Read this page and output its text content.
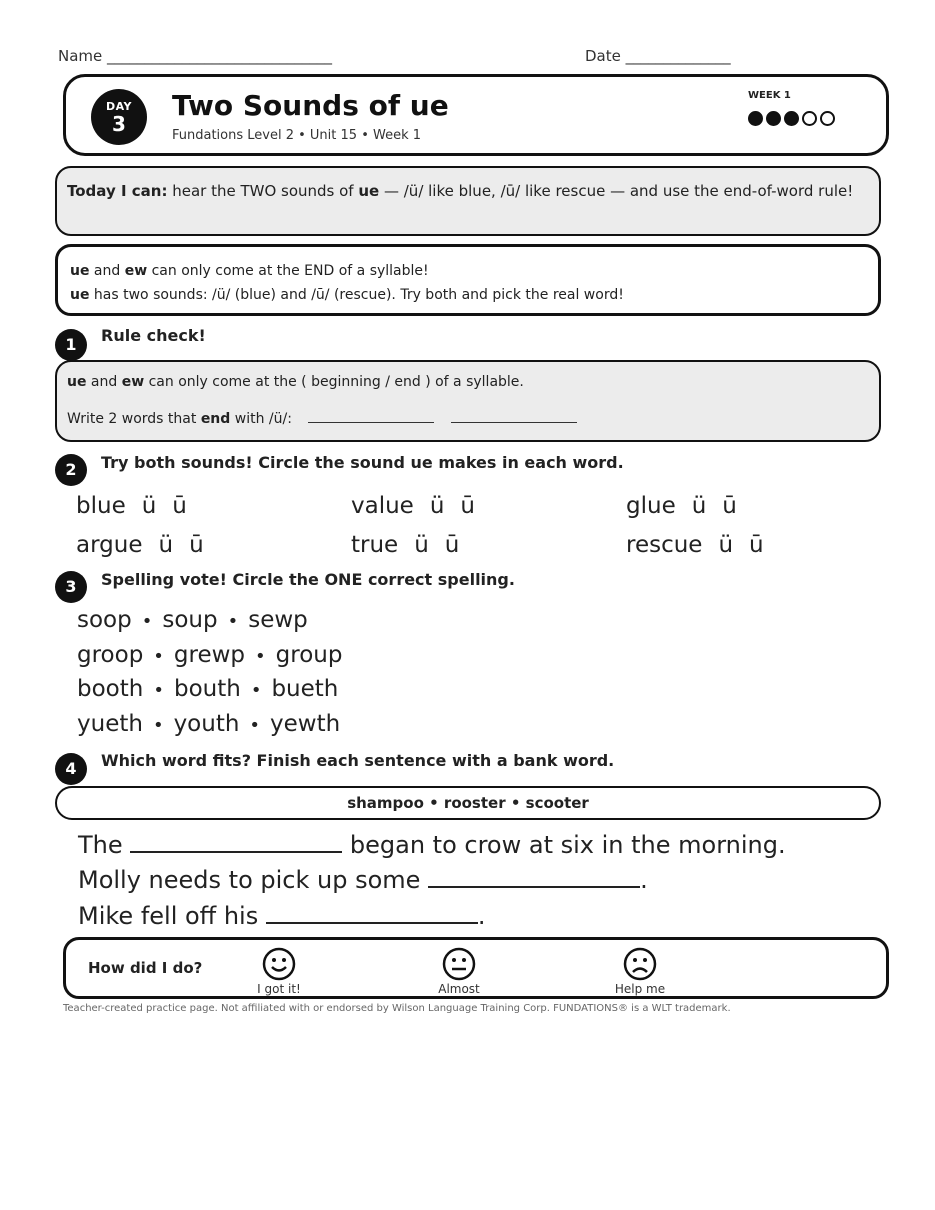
Name ______________________________	Date ______________
DAY
3
Two Sounds of ue
Fundations Level 2 • Unit 15 • Week 1
WEEK 1
Today I can: hear the TWO sounds of ue — /ü/ like blue, /ū/ like rescue — and use the end-of-word rule!
ue and ew can only come at the END of a syllable!
ue has two sounds: /ü/ (blue) and /ū/ (rescue). Try both and pick the real word!
1	Rule check!
ue and ew can only come at the ( beginning / end ) of a syllable.
Write 2 words that end with /ü/:
2	Try both sounds! Circle the sound ue makes in each word.
blue ü ū	value ü ū	glue ü ū
argue ü ū	true ü ū	rescue ü ū
3	Spelling vote! Circle the ONE correct spelling.
soop • soup • sewp
groop • grewp • group
booth • bouth • bueth
yueth • youth • yewth
4	Which word fits? Finish each sentence with a bank word.
shampoo • rooster • scooter
The	began to crow at six in the morning.
Molly needs to pick up some	.
Mike fell off his	.
How did I do?
I got it!	Almost	Help me
Teacher-created practice page. Not affiliated with or endorsed by Wilson Language Training Corp. FUNDATIONS® is a WLT trademark.
